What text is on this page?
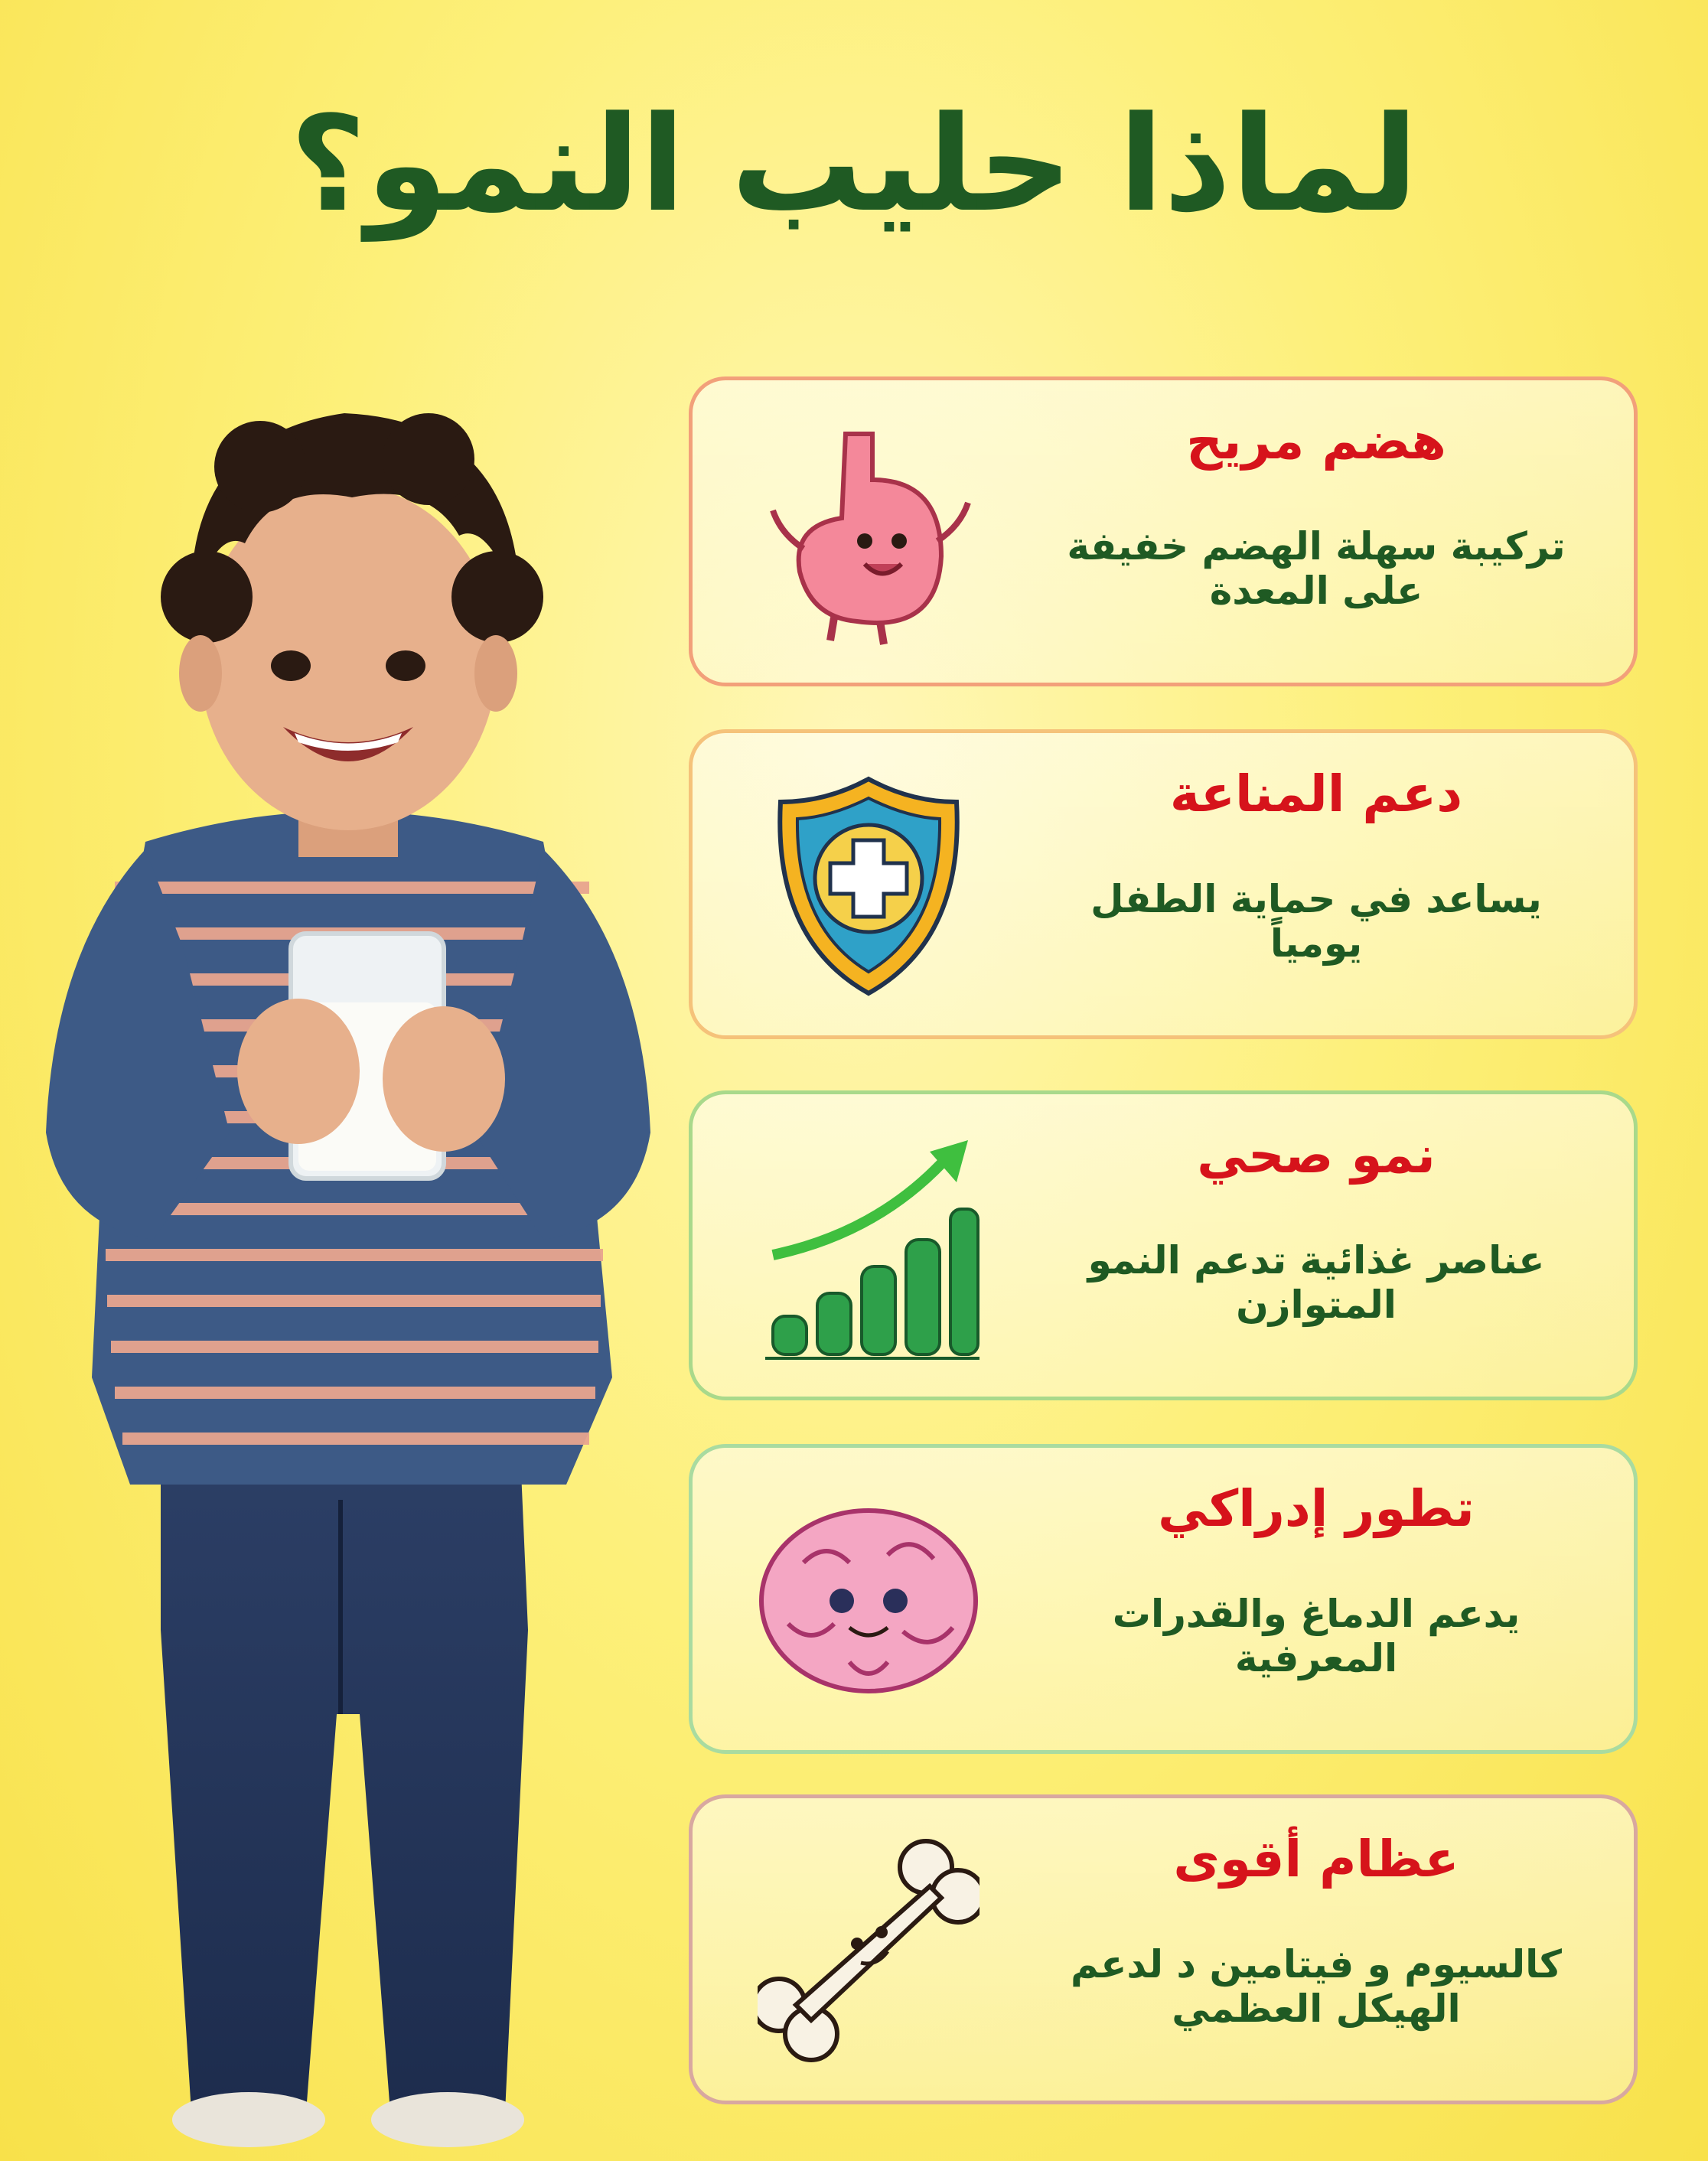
لماذا حليب النمو؟
هضم مريح
تركيبة سهلة الهضم خفيفة
على المعدة
دعم المناعة
يساعد في حماية الطفل
يومياً
نمو صحي
عناصر غذائية تدعم النمو
المتوازن
تطور إدراكي
يدعم الدماغ والقدرات
المعرفية
عظام أقوى
كالسيوم و فيتامين د لدعم
الهيكل العظمي
